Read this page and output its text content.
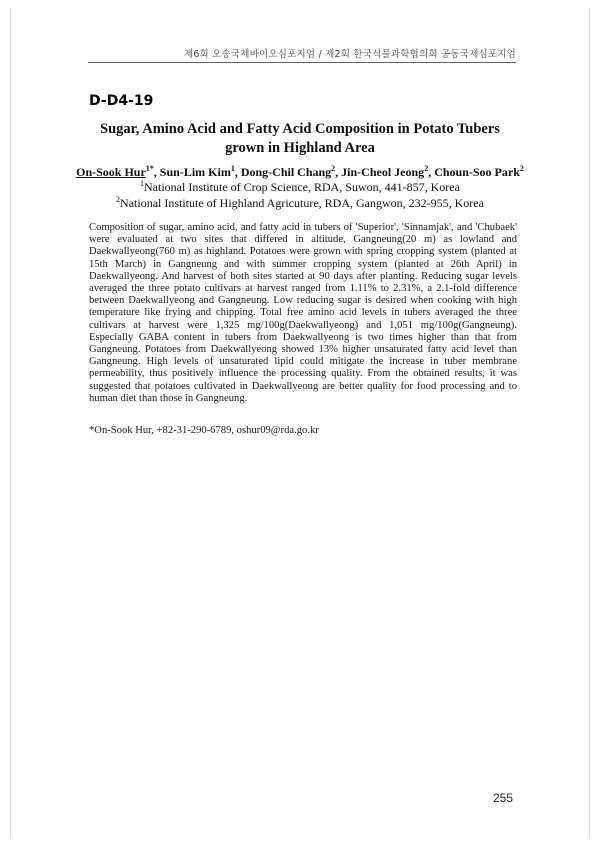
제6회 오송국제바이오심포지엄 / 제2회 한국식물과학협의회 공동국제심포지엄
D-D4-19
Sugar, Amino Acid and Fatty Acid Composition in Potato Tubers grown in Highland Area
On-Sook Hur$^{1*}$, Sun-Lim Kim$^1$, Dong-Chil Chang$^2$, Jin-Cheol Jeong$^2$, Choun-Soo Park$^2$
$^1$National Institute of Crop Science, RDA, Suwon, 441-857, Korea
$^2$National Institute of Highland Agricuture, RDA, Gangwon, 232-955, Korea
Composition of sugar, amino acid, and fatty acid in tubers of 'Superior', 'Sinnamjak', and 'Chubaek' were evaluated at two sites that differed in altitude, Gangneung(20 m) as lowland and Daekwallyeong(760 m) as highland. Potatoes were grown with spring cropping system (planted at 15th March) in Gangneung and with summer cropping system (planted at 26th April) in Daekwallyeong. And harvest of both sites started at 90 days after planting. Reducing sugar levels averaged the three potato cultivars at harvest ranged from 1.11% to 2.31%, a 2.1-fold difference between Daekwallyeong and Gangneung. Low reducing sugar is desired when cooking with high temperature like frying and chipping. Total free amino acid levels in tubers averaged the three cultivars at harvest were 1,325 mg/100g(Daekwallyeong) and 1,051 mg/100g(Gangneung). Especially GABA content in tubers from Daekwallyeong is two times higher than that from Gangneung. Potatoes from Daekwallyeong showed 13% higher unsaturated fatty acid level than Gangneung. High levels of unsaturated lipid could mitigate the increase in tuber membrane permeability, thus positively influence the processing quality. From the obtained results, it was suggested that potatoes cultivated in Daekwallyeong are better quality for food processing and to human diet than those in Gangneung.
*On-Sook Hur, +82-31-290-6789, oshur09@rda.go.kr
255
